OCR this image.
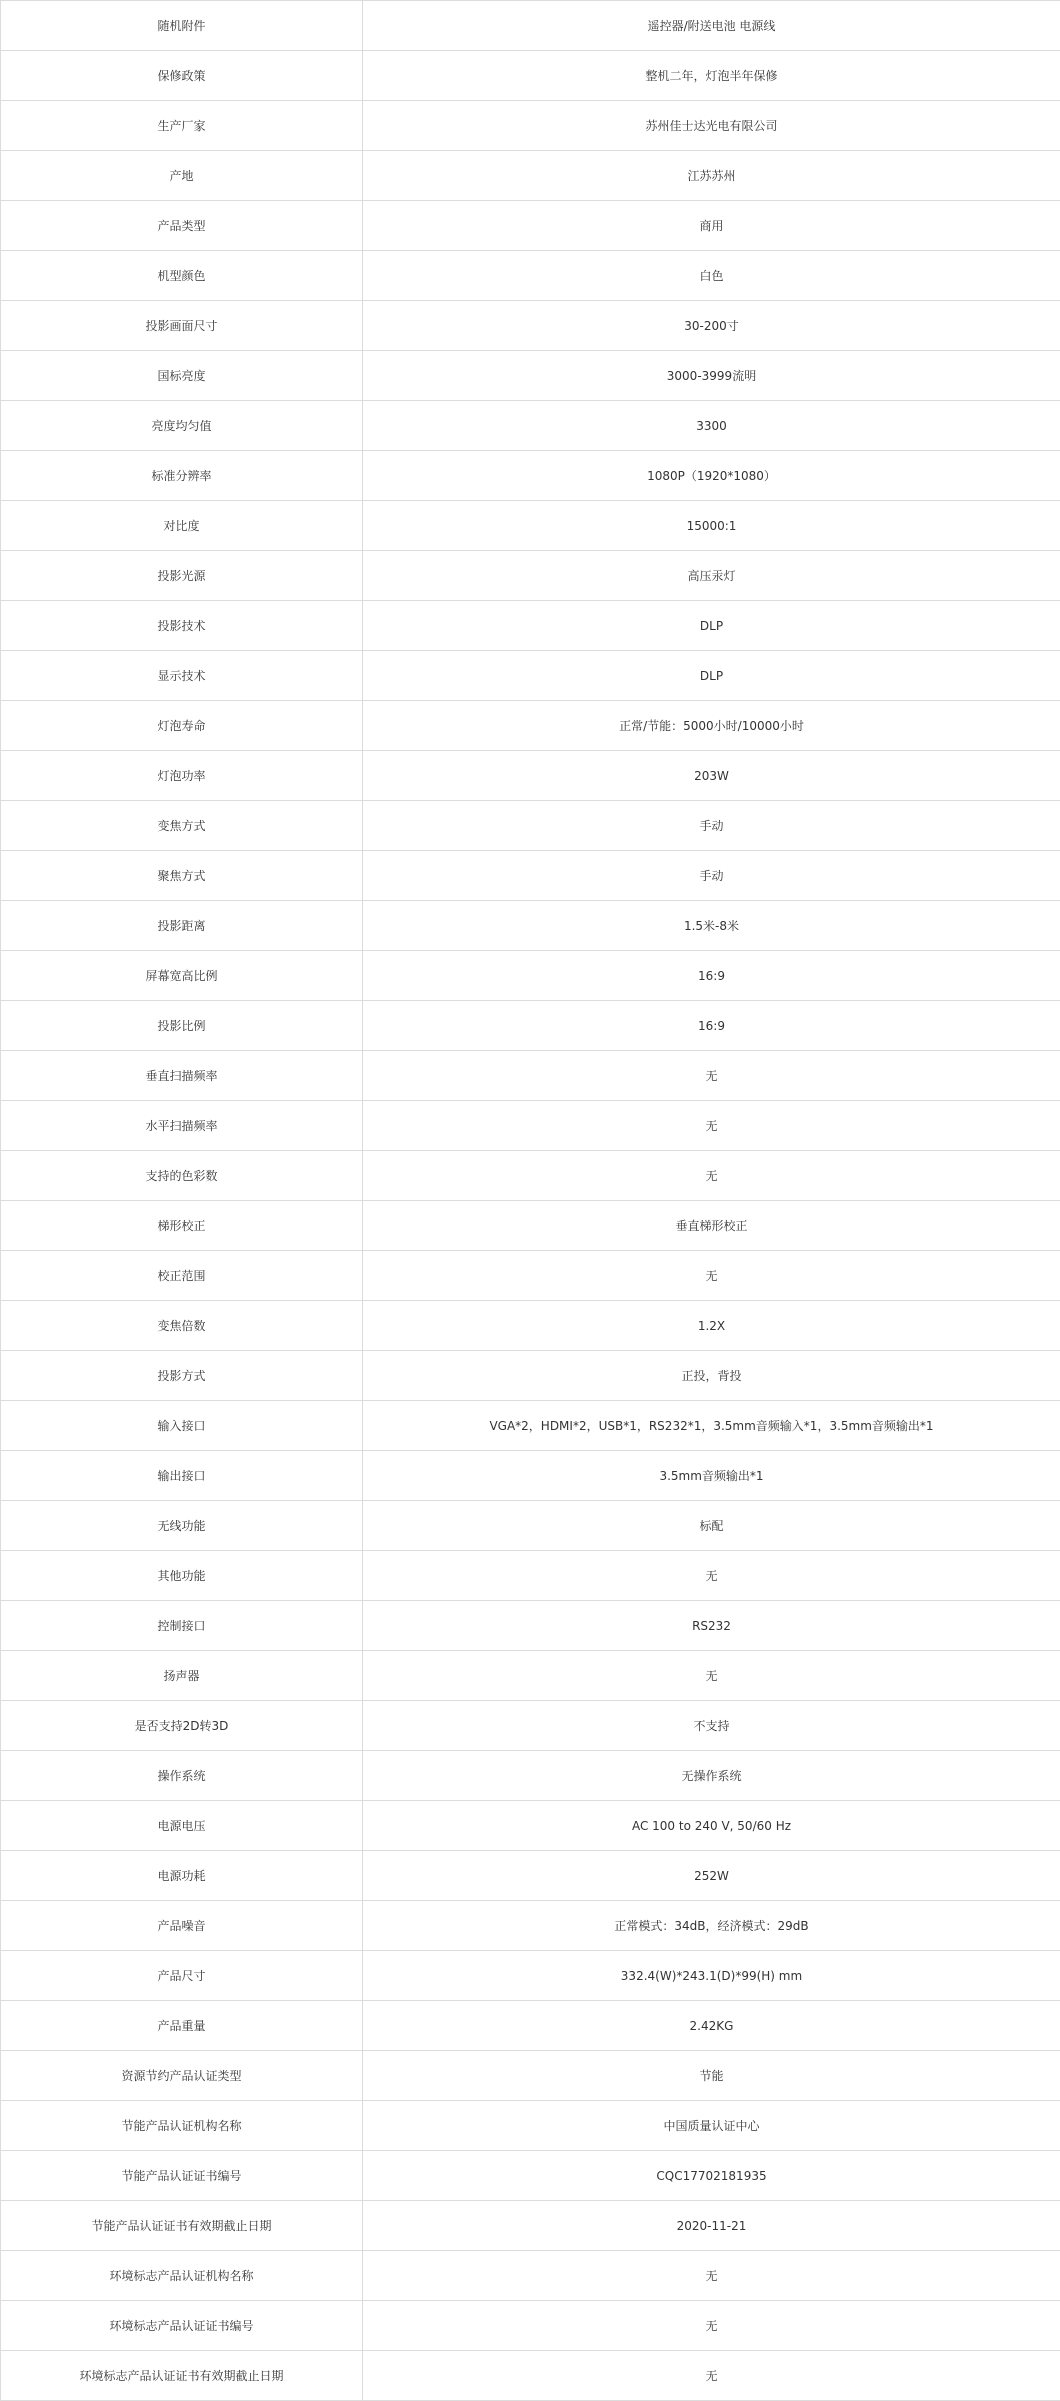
随机附件	遥控器/附送电池 电源线
保修政策	整机二年，灯泡半年保修
生产厂家	苏州佳士达光电有限公司
产地	江苏苏州
产品类型	商用
机型颜色	白色
投影画面尺寸	30-200寸
国标亮度	3000-3999流明
亮度均匀值	3300
标准分辨率	1080P（1920*1080）
对比度	15000:1
投影光源	高压汞灯
投影技术	DLP
显示技术	DLP
灯泡寿命	正常/节能：5000小时/10000小时
灯泡功率	203W
变焦方式	手动
聚焦方式	手动
投影距离	1.5米-8米
屏幕宽高比例	16:9
投影比例	16:9
垂直扫描频率	无
水平扫描频率	无
支持的色彩数	无
梯形校正	垂直梯形校正
校正范围	无
变焦倍数	1.2X
投影方式	正投，背投
输入接口	VGA*2，HDMI*2，USB*1，RS232*1，3.5mm音频输入*1，3.5mm音频输出*1
输出接口	3.5mm音频输出*1
无线功能	标配
其他功能	无
控制接口	RS232
扬声器	无
是否支持2D转3D	不支持
操作系统	无操作系统
电源电压	AC 100 to 240 V, 50/60 Hz
电源功耗	252W
产品噪音	正常模式：34dB，经济模式：29dB
产品尺寸	332.4(W)*243.1(D)*99(H) mm
产品重量	2.42KG
资源节约产品认证类型	节能
节能产品认证机构名称	中国质量认证中心
节能产品认证证书编号	CQC17702181935
节能产品认证证书有效期截止日期	2020-11-21
环境标志产品认证机构名称	无
环境标志产品认证证书编号	无
环境标志产品认证证书有效期截止日期	无
